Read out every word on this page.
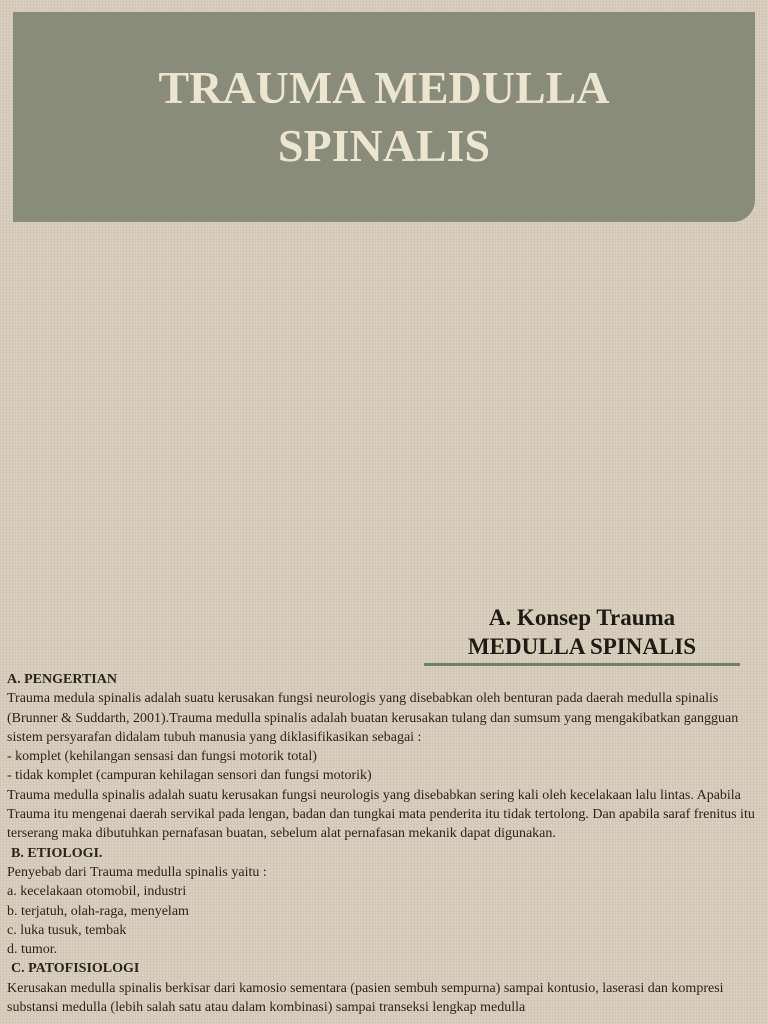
TRAUMA MEDULLA SPINALIS
A. Konsep Trauma
MEDULLA SPINALIS

A. PENGERTIAN

Trauma medula spinalis adalah suatu kerusakan fungsi neurologis yang disebabkan oleh benturan pada daerah medulla spinalis (Brunner & Suddarth, 2001).Trauma medulla spinalis adalah buatan kerusakan tulang dan sumsum yang mengakibatkan gangguan sistem persyarafan didalam tubuh manusia yang diklasifikasikan sebagai :

- komplet (kehilangan sensasi dan fungsi motorik total)

- tidak komplet (campuran kehilagan sensori dan fungsi motorik)

Trauma medulla spinalis adalah suatu kerusakan fungsi neurologis yang disebabkan sering kali oleh kecelakaan lalu lintas. Apabila Trauma itu mengenai daerah servikal pada lengan, badan dan tungkai mata penderita itu tidak tertolong. Dan apabila saraf frenitus itu terserang maka dibutuhkan pernafasan buatan, sebelum alat pernafasan mekanik dapat digunakan.

B. ETIOLOGI.

Penyebab dari Trauma medulla spinalis yaitu :

a. kecelakaan otomobil, industri

b. terjatuh, olah-raga, menyelam

c. luka tusuk, tembak

d. tumor.

C. PATOFISIOLOGI

Kerusakan medulla spinalis berkisar dari kamosio sementara (pasien sembuh sempurna) sampai kontusio, laserasi dan kompresi substansi medulla (lebih salah satu atau dalam kombinasi) sampai transeksi lengkap medulla
